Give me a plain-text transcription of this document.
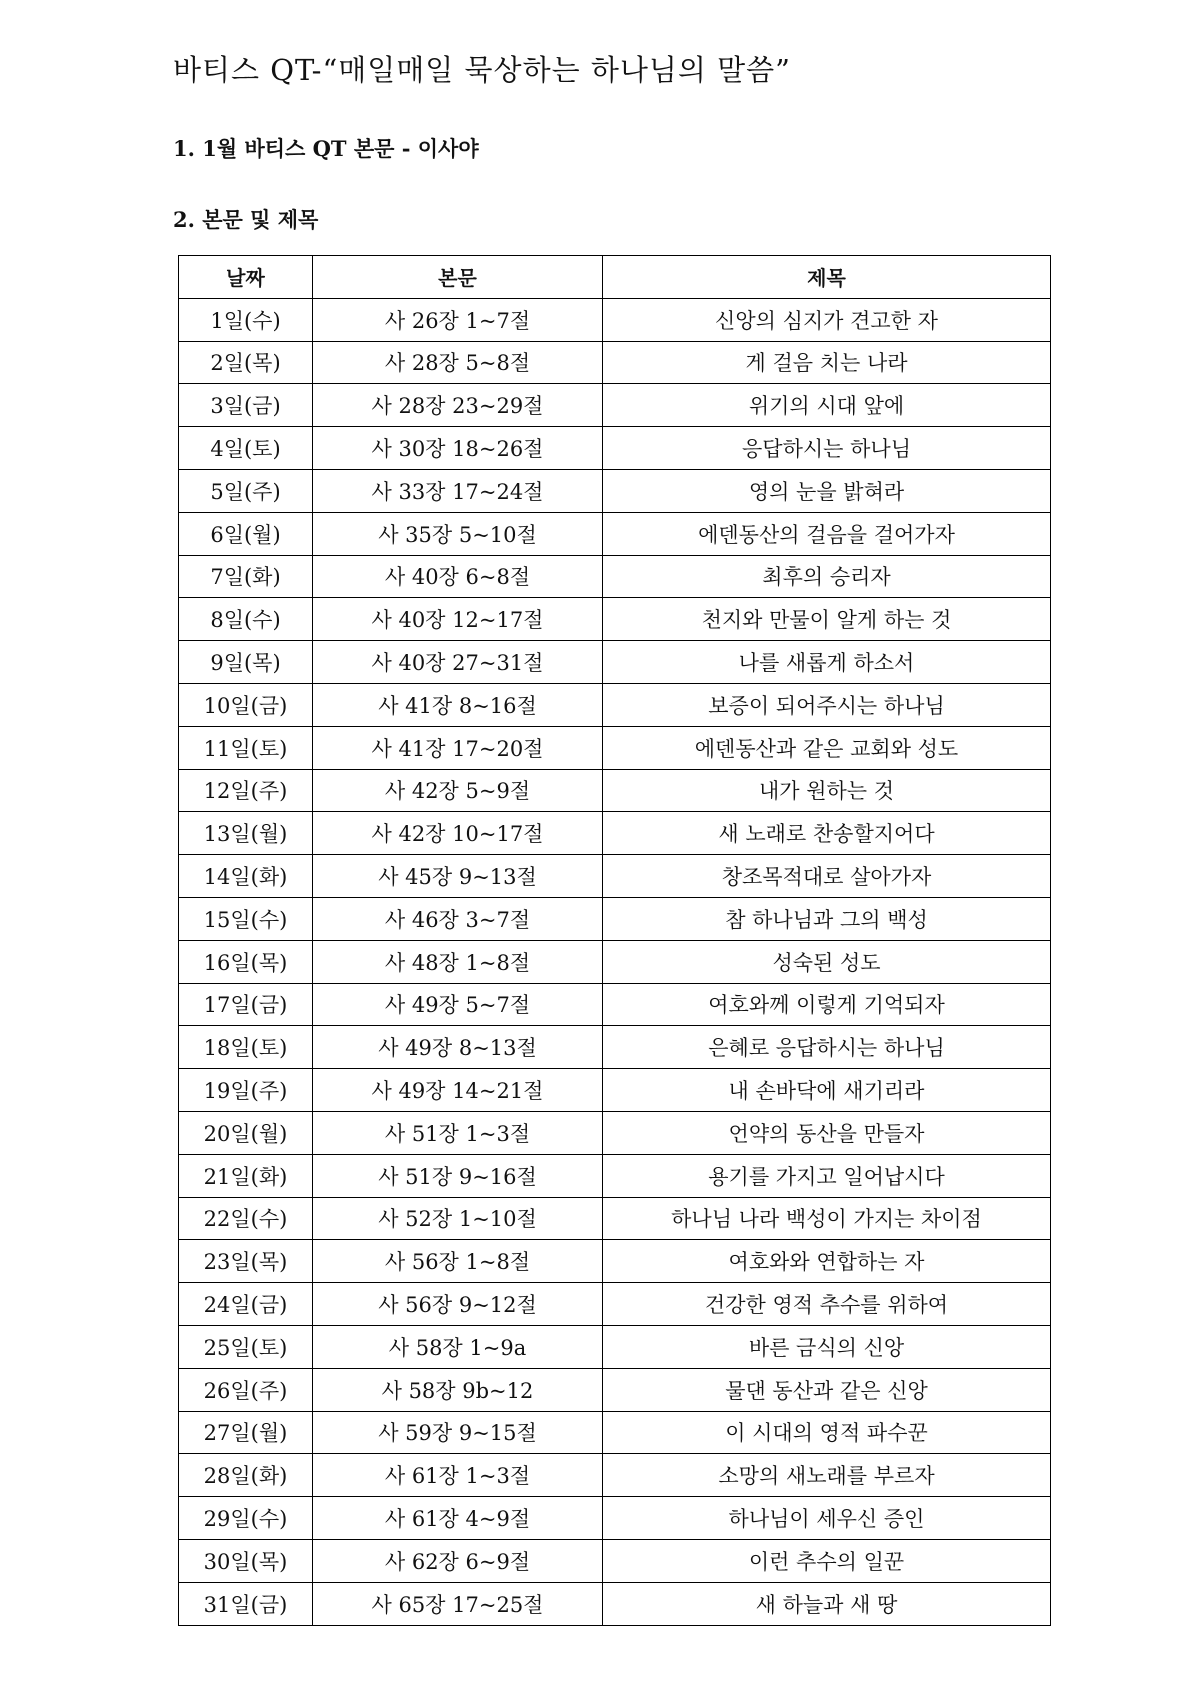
바티스 QT-“매일매일 묵상하는 하나님의 말씀”
1. 1월 바티스 QT 본문 - 이사야
2. 본문 및 제목
날짜	본문	제목
1일(수)	사 26장 1~7절	신앙의 심지가 견고한 자
2일(목)	사 28장 5~8절	게 걸음 치는 나라
3일(금)	사 28장 23~29절	위기의 시대 앞에
4일(토)	사 30장 18~26절	응답하시는 하나님
5일(주)	사 33장 17~24절	영의 눈을 밝혀라
6일(월)	사 35장 5~10절	에덴동산의 걸음을 걸어가자
7일(화)	사 40장 6~8절	최후의 승리자
8일(수)	사 40장 12~17절	천지와 만물이 알게 하는 것
9일(목)	사 40장 27~31절	나를 새롭게 하소서
10일(금)	사 41장 8~16절	보증이 되어주시는 하나님
11일(토)	사 41장 17~20절	에덴동산과 같은 교회와 성도
12일(주)	사 42장 5~9절	내가 원하는 것
13일(월)	사 42장 10~17절	새 노래로 찬송할지어다
14일(화)	사 45장 9~13절	창조목적대로 살아가자
15일(수)	사 46장 3~7절	참 하나님과 그의 백성
16일(목)	사 48장 1~8절	성숙된 성도
17일(금)	사 49장 5~7절	여호와께 이렇게 기억되자
18일(토)	사 49장 8~13절	은혜로 응답하시는 하나님
19일(주)	사 49장 14~21절	내 손바닥에 새기리라
20일(월)	사 51장 1~3절	언약의 동산을 만들자
21일(화)	사 51장 9~16절	용기를 가지고 일어납시다
22일(수)	사 52장 1~10절	하나님 나라 백성이 가지는 차이점
23일(목)	사 56장 1~8절	여호와와 연합하는 자
24일(금)	사 56장 9~12절	건강한 영적 추수를 위하여
25일(토)	사 58장 1~9a	바른 금식의 신앙
26일(주)	사 58장 9b~12	물댄 동산과 같은 신앙
27일(월)	사 59장 9~15절	이 시대의 영적 파수꾼
28일(화)	사 61장 1~3절	소망의 새노래를 부르자
29일(수)	사 61장 4~9절	하나님이 세우신 증인
30일(목)	사 62장 6~9절	이런 추수의 일꾼
31일(금)	사 65장 17~25절	새 하늘과 새 땅
